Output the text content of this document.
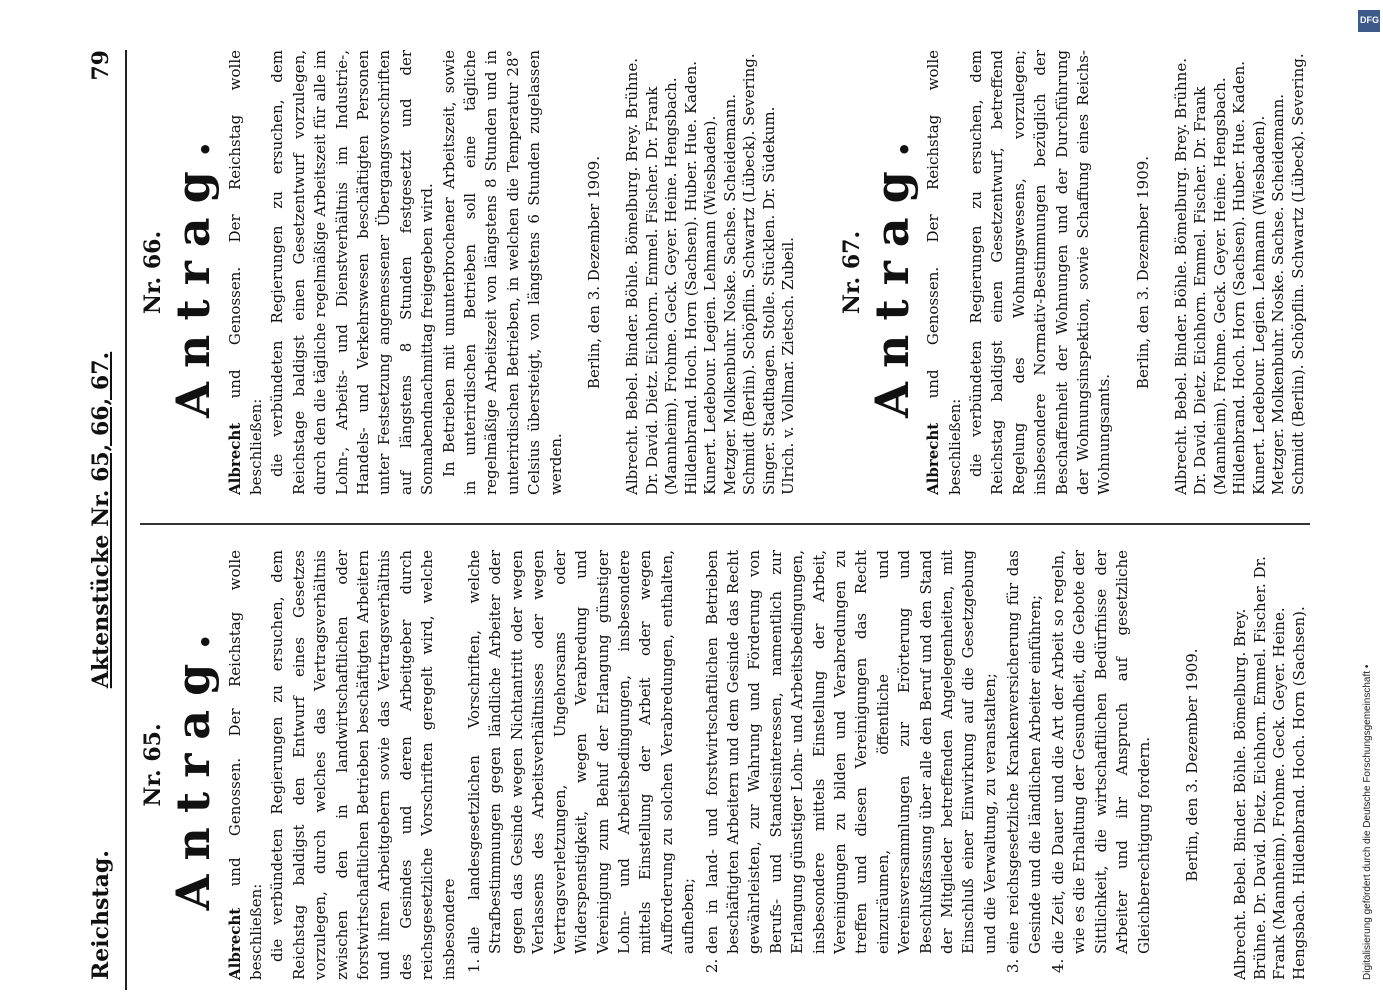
Reichstag.
Aktenstücke Nr. 65, 66, 67.
79
Nr. 65. Antrag.

Albrecht und Genossen. Der Reichstag wolle beschließen: die verbündeten Regierungen zu ersuchen, dem Reichstag baldigst den Entwurf eines Gesetzes vorzulegen, durch welches das Vertragsverhältnis zwischen den in landwirtschaftlichen oder forstwirtschaftlichen Betrieben beschäftigten Arbeitern und ihren Arbeitgebern sowie das Vertragsverhältnis des Gesindes und deren Arbeitgeber durch reichsgesetzliche Vorschriften geregelt wird, welche insbesondere 1. alle landesgesetzlichen Vorschriften, welche Strafbestimmungen gegen ländliche Arbeiter oder gegen das Gesinde wegen Nichtantritt oder wegen Verlassens des Arbeitsverhältnisses oder wegen Vertragsverletzungen, Ungehorsams oder Widerspenstigkeit, wegen Verabredung und Vereinigung zum Behuf der Erlangung günstiger Lohn- und Arbeitsbedingungen, insbesondere mittels Einstellung der Arbeit oder wegen Aufforderung zu solchen Verabredungen, enthalten, aufheben; 2. den in land- und forstwirtschaftlichen Betrieben beschäftigten Arbeitern und dem Gesinde das Recht gewährleisten, zur Wahrung und Förderung von Berufs- und Standesinteressen, namentlich zur Erlangung günstiger Lohn- und Arbeitsbedingungen, insbesondere mittels Einstellung der Arbeit, Vereinigungen zu bilden und Verabredungen zu treffen und diesen Vereinigungen das Recht einzuräumen, öffentliche und Vereinsversammlungen zur Erörterung und Beschlußfassung über alle den Beruf und den Stand der Mitglieder betreffenden Angelegenheiten, mit Einschluß einer Einwirkung auf die Gesetzgebung und die Verwaltung, zu veranstalten; 3. eine reichsgesetzliche Krankenversicherung für das Gesinde und die ländlichen Arbeiter einführen; 4. die Zeit, die Dauer und die Art der Arbeit so regeln, wie es die Erhaltung der Gesundheit, die Gebote der Sittlichkeit, die wirtschaftlichen Bedürfnisse der Arbeiter und ihr Anspruch auf gesetzliche Gleichberechtigung fordern. Berlin, den 3. Dezember 1909.
Albrecht. Bebel. Binder. Böhle. Bömelburg. Brey. Brühne. Dr. David. Dietz. Eichhorn. Emmel. Fischer. Dr. Frank (Mannheim). Frohme. Geck. Geyer. Heine. Hengsbach. Hildenbrand. Hoch. Horn (Sachsen).
Nr. 66. Antrag.

Albrecht und Genossen. Der Reichstag wolle beschließen: die verbündeten Regierungen zu ersuchen, dem Reichstage baldigst einen Gesetzentwurf vorzulegen, durch den die tägliche regelmäßige Arbeitszeit für alle im Lohn-, Arbeits- und Dienstverhältnis im Industrie-, Handels- und Verkehrswesen beschäftigten Personen unter Festsetzung angemessener Übergangsvorschriften auf längstens 8 Stunden festgesetzt und der Sonnabendnachmittag freigegeben wird. In Betrieben mit ununterbrochener Arbeitszeit, sowie in unterirdischen Betrieben soll eine tägliche regelmäßige Arbeitszeit von längstens 8 Stunden und in unterirdischen Betrieben, in welchen die Temperatur 28° Celsius übersteigt, von längstens 6 Stunden zugelassen werden.

Berlin, den 3. Dezember 1909. Albrecht. Bebel. Binder. Böhle. Bömelburg. Brey. Brühne. Dr. David. Dietz. Eichhorn. Emmel. Fischer. Dr. Frank (Mannheim). Frohme. Geck. Geyer. Heine. Hengsbach. Hildenbrand. Hoch. Horn (Sachsen). Huber. Hue. Kaden. Kunert. Ledebour. Legien. Lehmann (Wiesbaden). Metzger. Molkenbuhr. Noske. Sachse. Scheidemann. Schmidt (Berlin). Schöpflin. Schwartz (Lübeck). Severing. Singer. Stadthagen. Stolle. Stücklen. Dr. Südekum. Ulrich. v. Vollmar. Zietsch. Zubeil. Nr. 67. Antrag.

Albrecht und Genossen. Der Reichstag wolle beschließen: die verbündeten Regierungen zu ersuchen, dem Reichstag baldigst einen Gesetzentwurf, betreffend Regelung des Wohnungswesens, vorzulegen; insbesondere Normativ-Bestimmungen bezüglich der Beschaffenheit der Wohnungen und der Durchführung der Wohnungsinspektion, sowie Schaffung eines Reichs-Wohnungsamts.

Berlin, den 3. Dezember 1909.
Albrecht. Bebel. Binder. Böhle. Bömelburg. Brey. Brühne. Dr. David. Dietz. Eichhorn. Emmel. Fischer. Dr. Frank (Mannheim). Frohme. Geck. Geyer. Heine. Hengsbach. Hildenbrand. Hoch. Horn (Sachsen). Huber. Hue. Kaden. Kunert. Ledebour. Legien. Lehmann (Wiesbaden). Metzger. Molkenbuhr. Noske. Sachse. Scheidemann. Schmidt (Berlin). Schöpflin. Schwartz (Lübeck). Severing.
DFG
Digitalisierung gefördert durch die Deutsche Forschungsgemeinschaft •
